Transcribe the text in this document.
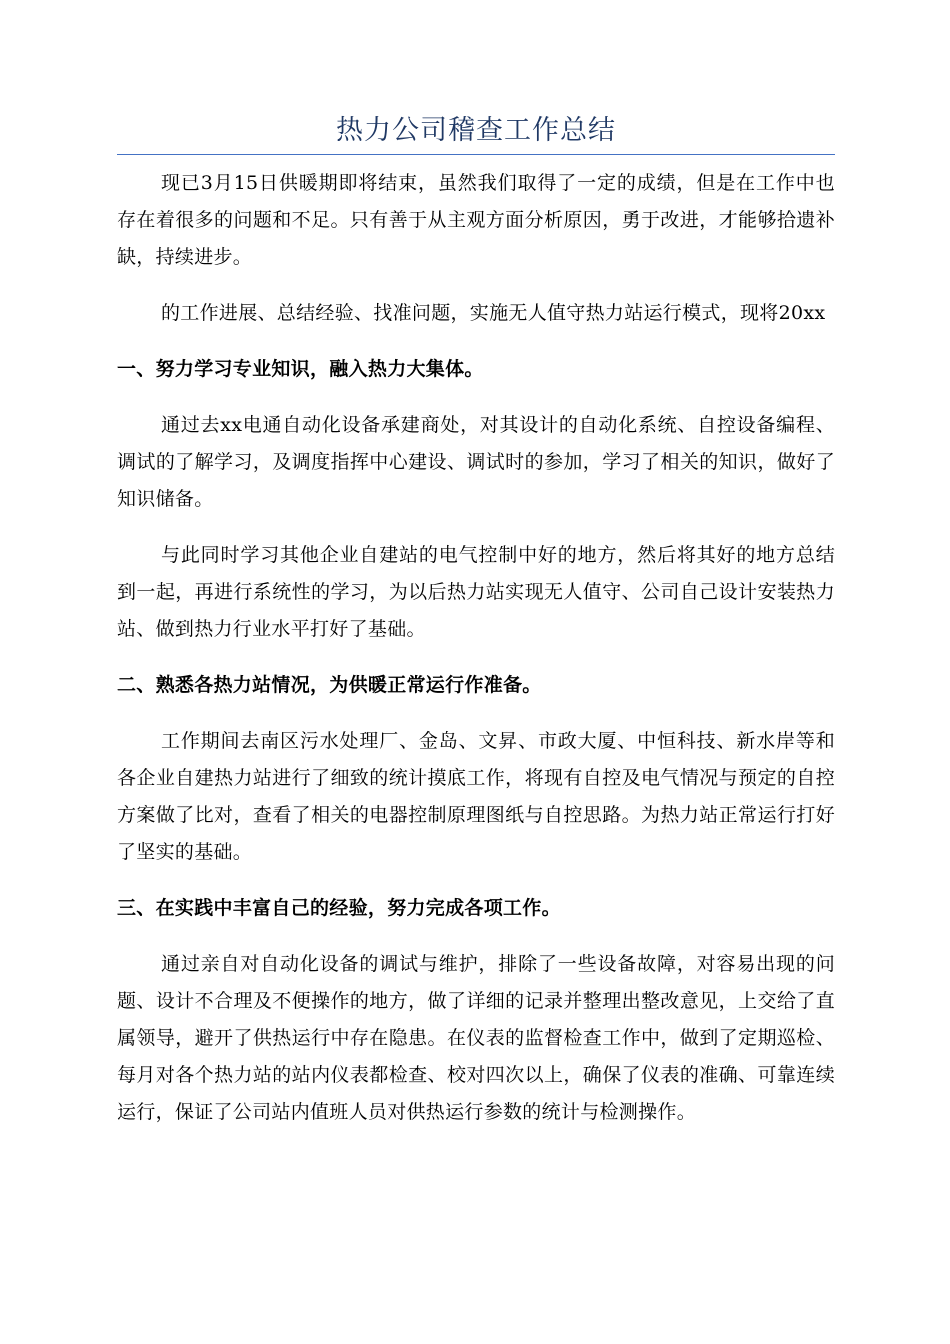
热力公司稽查工作总结

现已3月15日供暖期即将结束，虽然我们取得了一定的成绩，但是在工作中也存在着很多的问题和不足。只有善于从主观方面分析原因，勇于改进，才能够拾遗补缺，持续进步。

的工作进展、总结经验、找准问题，实施无人值守热力站运行模式，现将20xx

一、努力学习专业知识，融入热力大集体。

通过去xx电通自动化设备承建商处，对其设计的自动化系统、自控设备编程、调试的了解学习，及调度指挥中心建设、调试时的参加，学习了相关的知识，做好了知识储备。

与此同时学习其他企业自建站的电气控制中好的地方，然后将其好的地方总结到一起，再进行系统性的学习，为以后热力站实现无人值守、公司自己设计安装热力站、做到热力行业水平打好了基础。

二、熟悉各热力站情况，为供暖正常运行作准备。

工作期间去南区污水处理厂、金岛、文昇、市政大厦、中恒科技、新水岸等和各企业自建热力站进行了细致的统计摸底工作，将现有自控及电气情况与预定的自控方案做了比对，查看了相关的电器控制原理图纸与自控思路。为热力站正常运行打好了坚实的基础。

三、在实践中丰富自己的经验，努力完成各项工作。

通过亲自对自动化设备的调试与维护，排除了一些设备故障，对容易出现的问题、设计不合理及不便操作的地方，做了详细的记录并整理出整改意见，上交给了直属领导，避开了供热运行中存在隐患。在仪表的监督检查工作中，做到了定期巡检、每月对各个热力站的站内仪表都检查、校对四次以上，确保了仪表的准确、可靠连续运行，保证了公司站内值班人员对供热运行参数的统计与检测操作。
